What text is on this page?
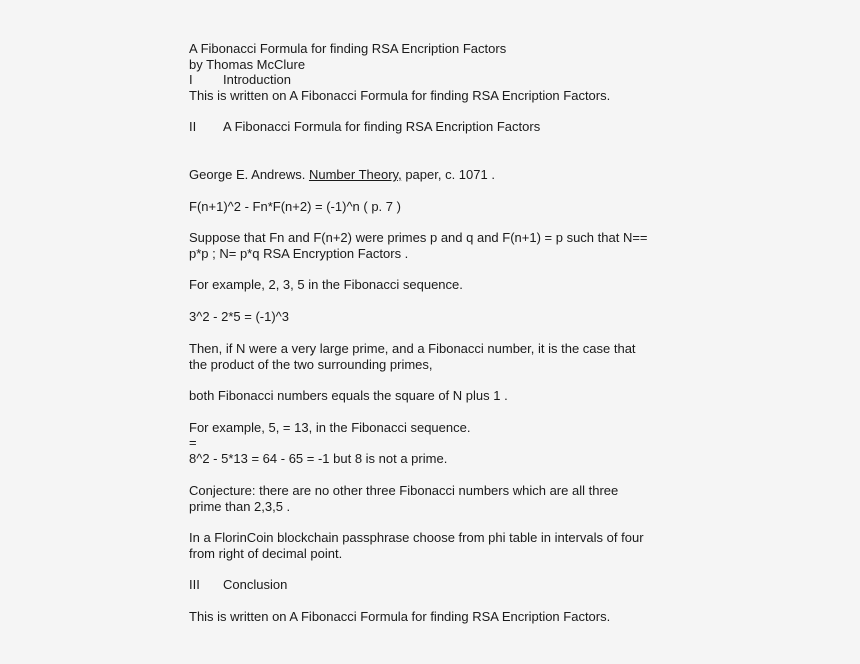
A Fibonacci Formula for finding RSA Encription Factors
by Thomas McClure
I Introduction
This is written on A Fibonacci Formula for finding RSA Encription Factors.
II A Fibonacci Formula for finding RSA Encription Factors
George E. Andrews. Number Theory, paper, c. 1071 .
F(n+1)^2 - Fn*F(n+2) = (-1)^n ( p. 7 )
Suppose that Fn and F(n+2) were primes p and q and F(n+1) = p such that N==
p*p ; N= p*q RSA Encryption Factors .
For example, 2, 3, 5 in the Fibonacci sequence.
3^2 - 2*5 = (-1)^3
Then, if N were a very large prime, and a Fibonacci number, it is the case that
the product of the two surrounding primes,
both Fibonacci numbers equals the square of N plus 1 .
For example, 5, = 13, in the Fibonacci sequence.
=
8^2 - 5*13 = 64 - 65 = -1 but 8 is not a prime.
Conjecture: there are no other three Fibonacci numbers which are all three
prime than 2,3,5 .
In a FlorinCoin blockchain passphrase choose from phi table in intervals of four
from right of decimal point.
III Conclusion
This is written on A Fibonacci Formula for finding RSA Encription Factors.
